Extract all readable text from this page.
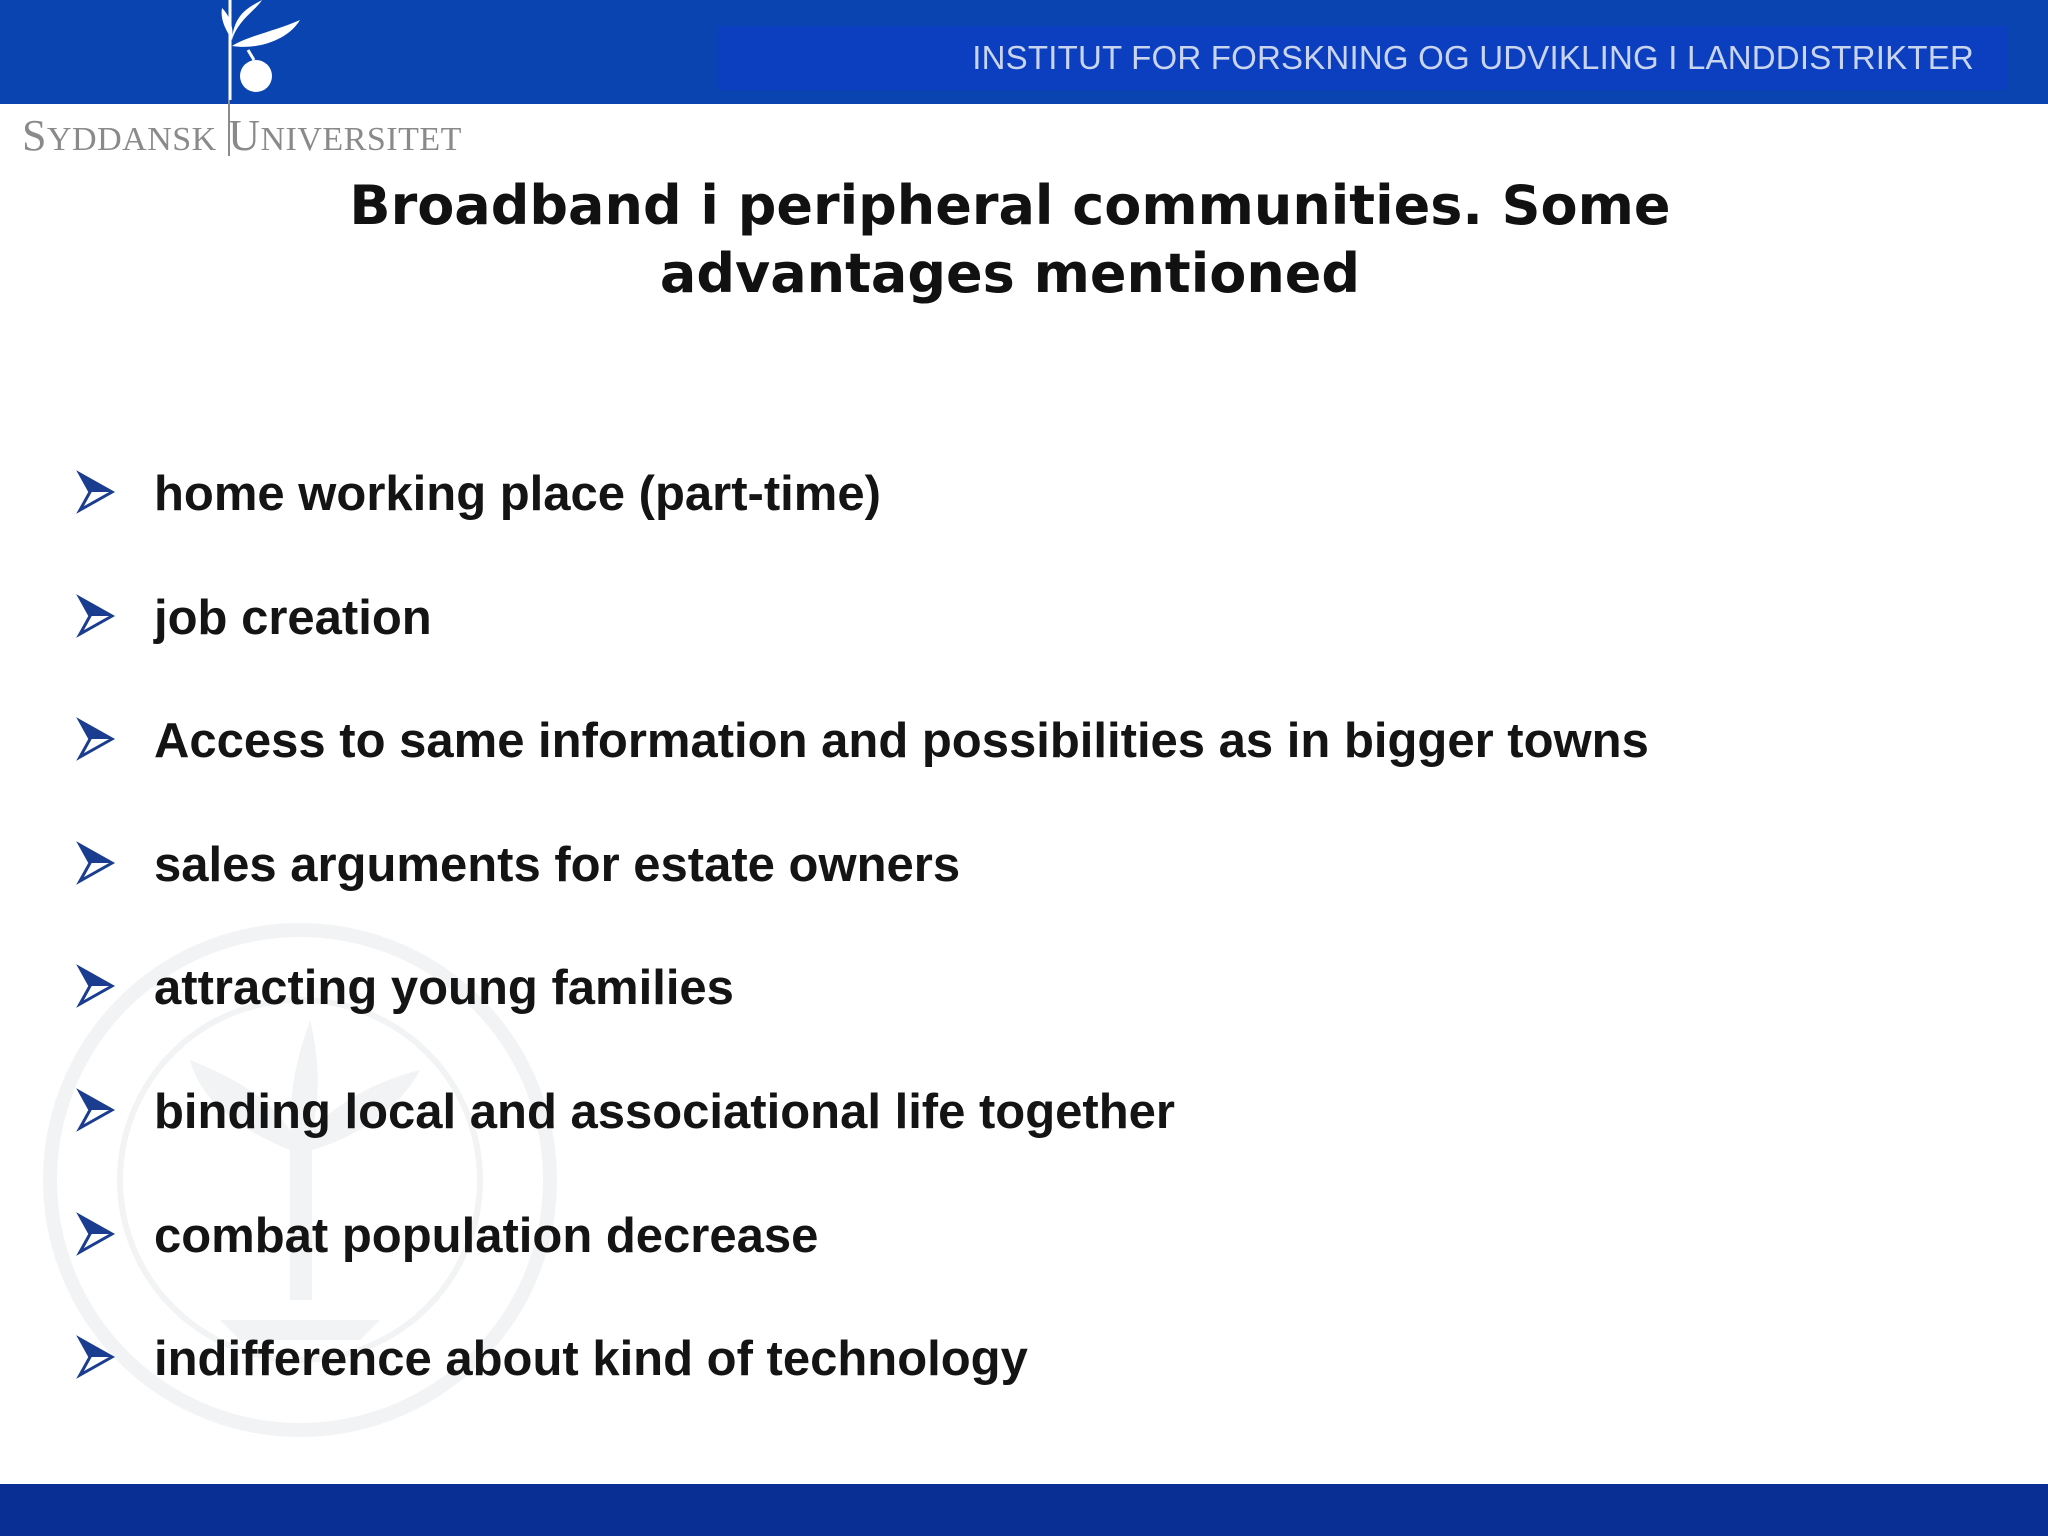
INSTITUT FOR FORSKNING OG UDVIKLING I LANDDISTRIKTER
SYDDANSK UNIVERSITET
Broadband i peripheral communities. Some
advantages mentioned
home working place (part-time)
job creation
Access to same information and possibilities as in bigger towns
sales arguments for estate owners
attracting young families
binding local and associational life together
combat population decrease
indifference about kind of technology
